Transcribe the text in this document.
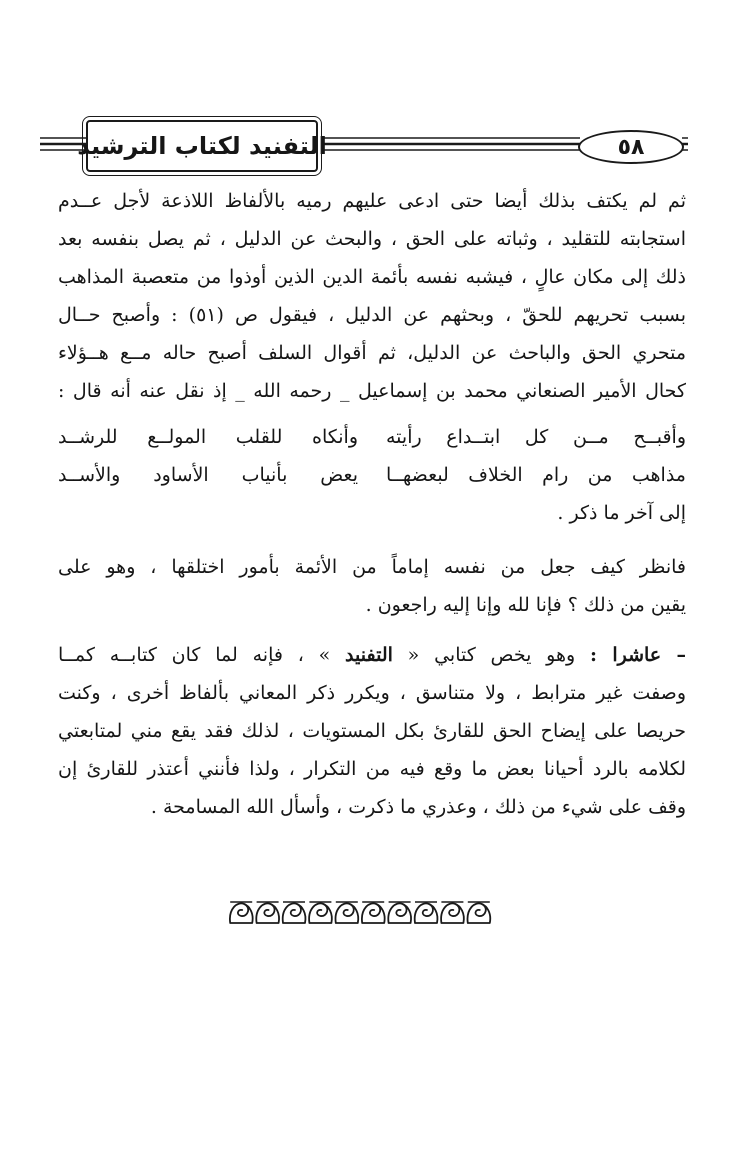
التفنيد لكتاب الترشيد	٥٨
ثم لم يكتف بذلك أيضا حتى ادعى عليهم رميه بالألفاظ اللاذعة لأجل عــدم
استجابته للتقليد ، وثباته على الحق ، والبحث عن الدليل ، ثم يصل بنفسه بعد
ذلك إلى مكان عالٍ ، فيشبه نفسه بأئمة الدين الذين أوذوا من متعصبة المذاهب
بسبب تحريهم للحقّ ، وبحثهم عن الدليل ، فيقول ص (٥١) : وأصبح حــال
متحري الحق والباحث عن الدليل، ثم أقوال السلف أصبح حاله مــع هــؤلاء
كحال الأمير الصنعاني محمد بن إسماعيل _ رحمه الله _ إذ نقل عنه أنه قال :
وأقبــح مــن كل ابتــداع رأيته
وأنكاه للقلب المولــع للرشــد
مذاهب من رام الخلاف لبعضهــا
يعض بأنياب الأساود والأســد
إلى آخر ما ذكر .
فانظر كيف جعل من نفسه إماماً من الأئمة بأمور اختلقها ، وهو على
يقين من ذلك ؟ فإنا لله وإنا إليه راجعون .
– عاشرا : وهو يخص كتابي « التفنيد » ، فإنه لما كان كتابــه كمــا
وصفت غير مترابط ، ولا متناسق ، ويكرر ذكر المعاني بألفاظ أخرى ، وكنت
حريصا على إيضاح الحق للقارئ بكل المستويات ، لذلك فقد يقع مني لمتابعتي
لكلامه بالرد أحيانا بعض ما وقع فيه من التكرار ، ولذا فأنني أعتذر للقارئ إن
وقف على شيء من ذلك ، وعذري ما ذكرت ، وأسأل الله المسامحة .
